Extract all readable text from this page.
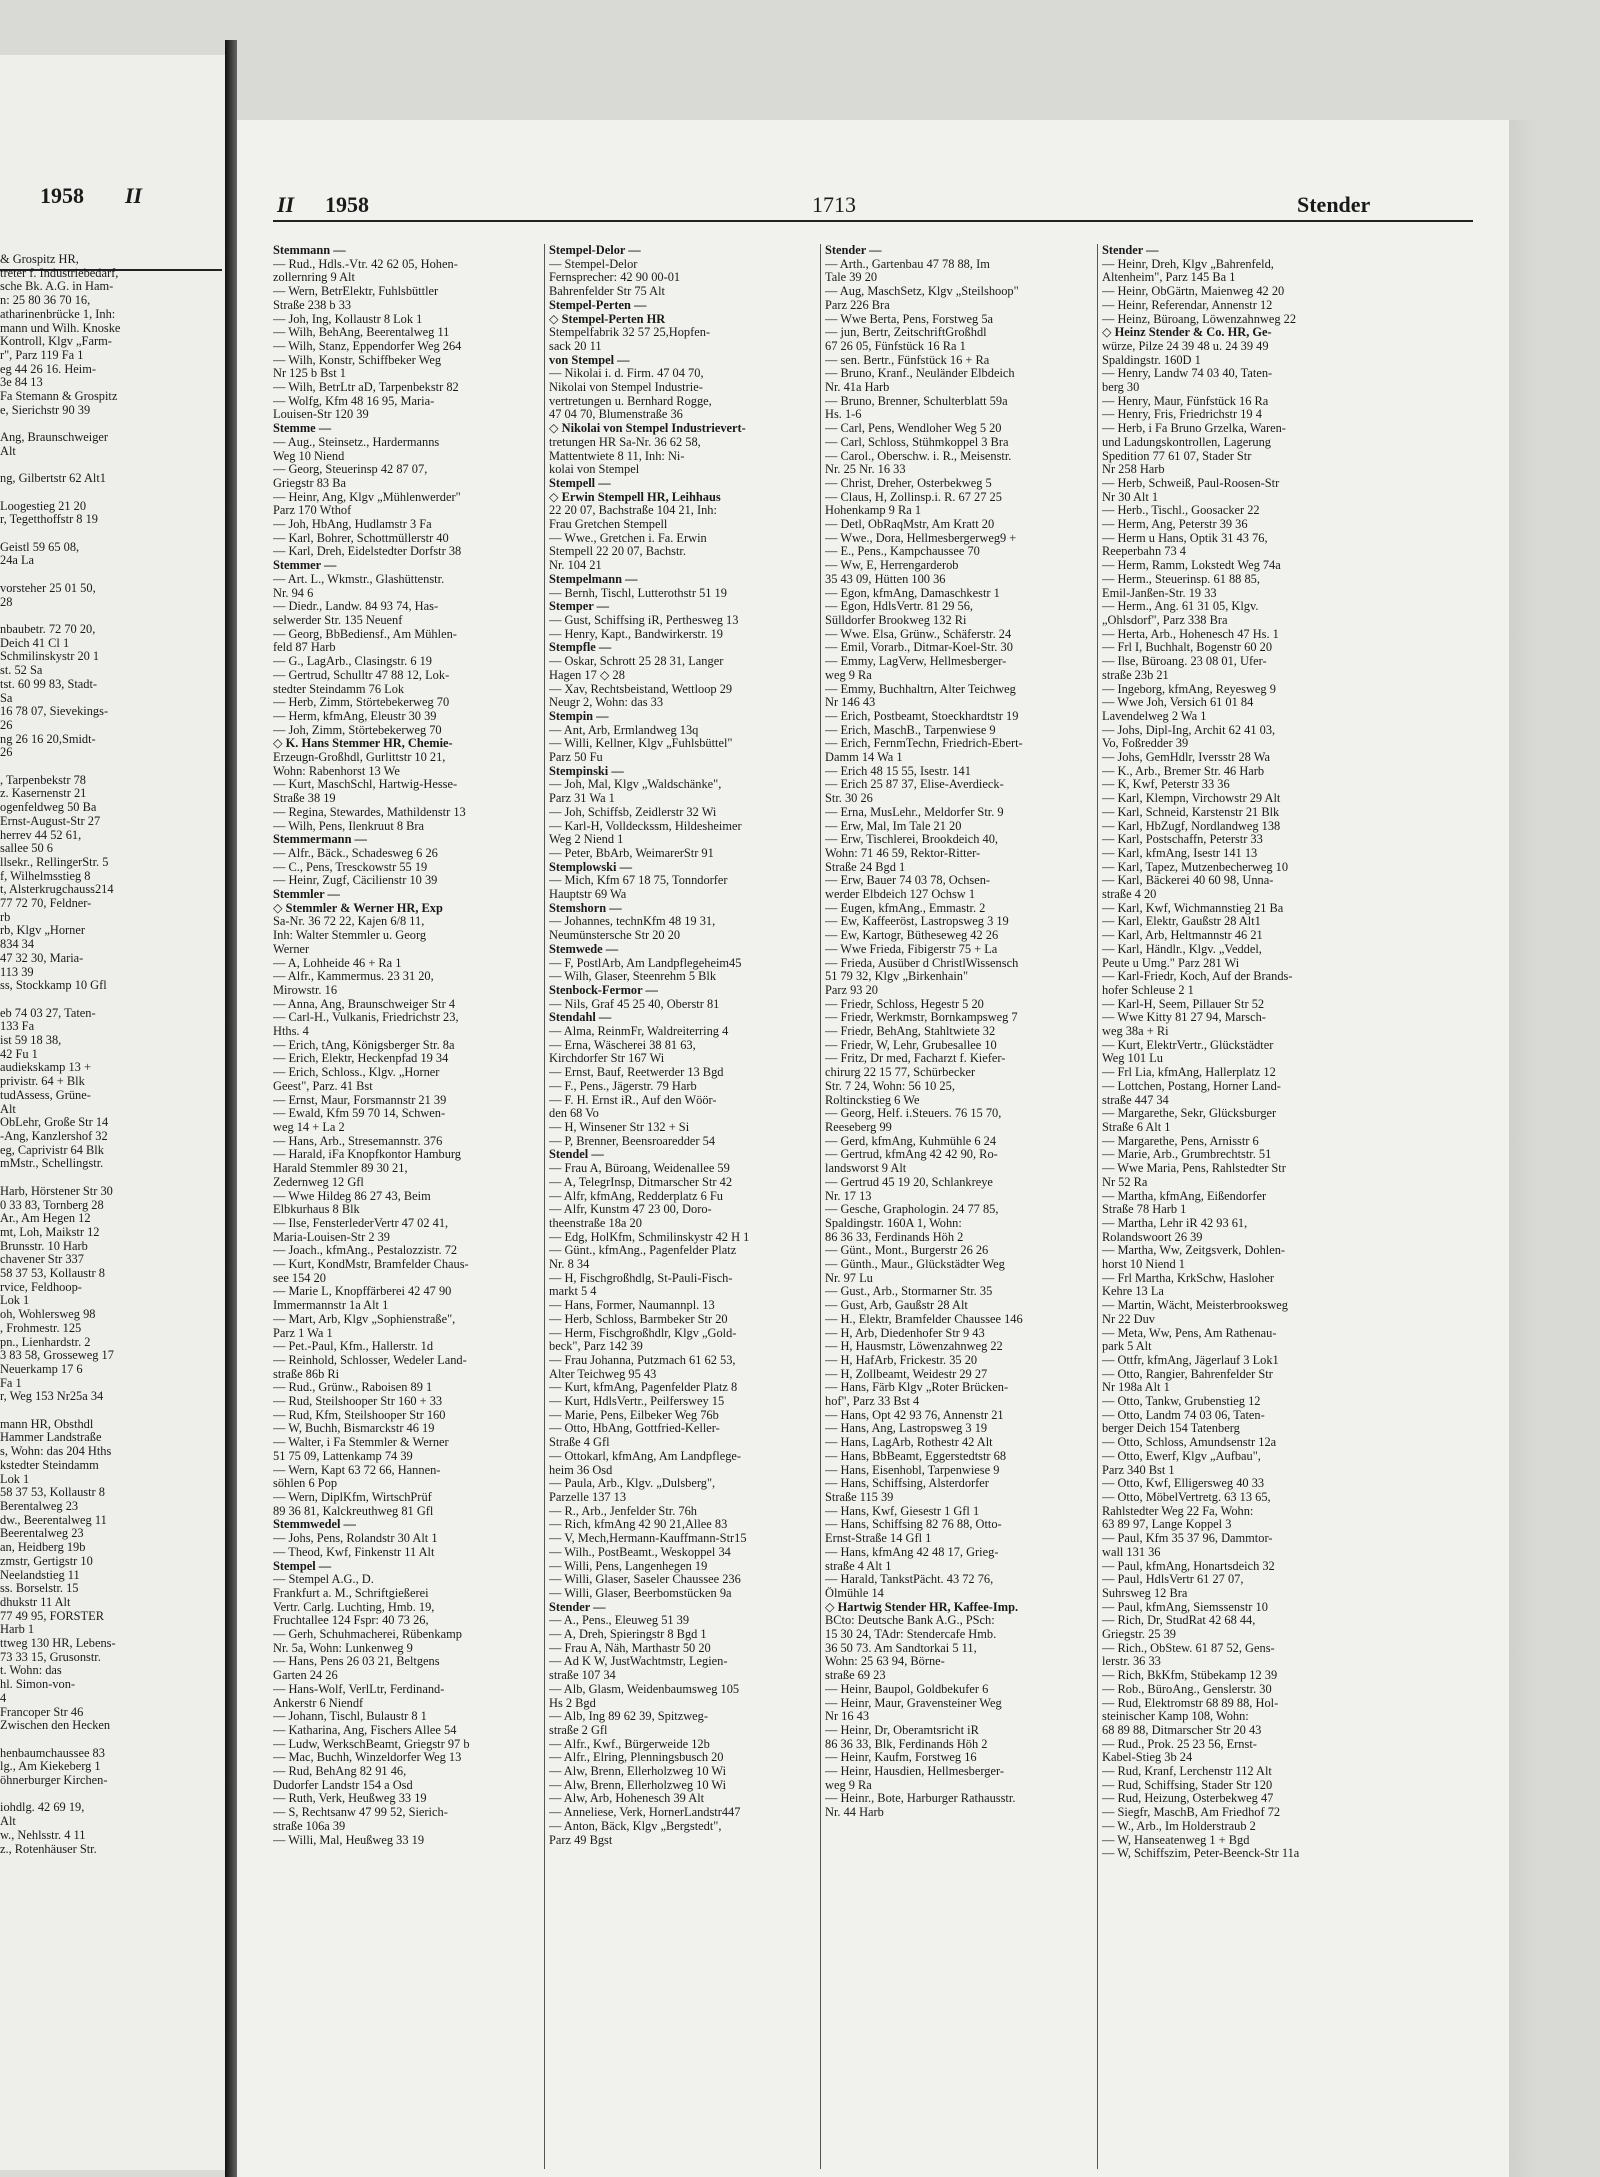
1958 II

& Grospitz HR,

treter f. Industriebedarf,

sche Bk. A.G. in Ham-

n: 25 80 36 70 16,

atharinenbrücke 1, Inh:

mann und Wilh. Knoske

Kontroll, Klgv „Farm-

r", Parz 119 Fa 1

eg 44 26 16. Heim-

3e 84 13

Fa Stemann & Grospitz

e, Sierichstr 90 39

Ang, Braunschweiger

Alt

ng, Gilbertstr 62 Alt1

Loogestieg 21 20

r, Tegetthoffstr 8 19

Geistl 59 65 08,

24a La

vorsteher 25 01 50,

28

nbaubetr. 72 70 20,

Deich 41 Cl 1

Schmilinskystr 20 1

st. 52 Sa

tst. 60 99 83, Stadt-

Sa

16 78 07, Sievekings-

26

ng 26 16 20,Smidt-

26

, Tarpenbekstr 78

z. Kasernenstr 21

ogenfeldweg 50 Ba

Ernst-August-Str 27

herrev 44 52 61,

sallee 50 6

llsekr., RellingerStr. 5

f, Wilhelmsstieg 8

t, Alsterkrugchauss214

77 72 70, Feldner-

rb

rb, Klgv „Horner

834 34

47 32 30, Maria-

113 39

ss, Stockkamp 10 Gfl

eb 74 03 27, Taten-

133 Fa

ist 59 18 38,

42 Fu 1

audiekskamp 13 +

privistr. 64 + Blk

tudAssess, Grüne-

Alt

ObLehr, Große Str 14

-Ang, Kanzlershof 32

eg, Caprivistr 64 Blk

mMstr., Schellingstr.

Harb, Hörstener Str 30

0 33 83, Tornberg 28

Ar., Am Hegen 12

mt, Loh, Maikstr 12

Brunsstr. 10 Harb

chavener Str 337

58 37 53, Kollaustr 8

rvice, Feldhoop-

Lok 1

oh, Wohlersweg 98

, Frohmestr. 125

pn., Lienhardstr. 2

3 83 58, Grosseweg 17

Neuerkamp 17 6

Fa 1

r, Weg 153 Nr25a 34

mann HR, Obsthdl

Hammer Landstraße

s, Wohn: das 204 Hths

kstedter Steindamm

Lok 1

58 37 53, Kollaustr 8

Berentalweg 23

dw., Beerentalweg 11

Beerentalweg 23

an, Heidberg 19b

zmstr, Gertigstr 10

Neelandstieg 11

ss. Borselstr. 15

dhukstr 11 Alt

77 49 95, FORSTER

Harb 1

ttweg 130 HR, Lebens-

73 33 15, Grusonstr.

t. Wohn: das

hl. Simon-von-

4

Francoper Str 46

Zwischen den Hecken

henbaumchaussee 83

lg., Am Kiekeberg 1

öhnerburger Kirchen-

iohdlg. 42 69 19,

Alt

w., Nehlsstr. 4 11

z., Rotenhäuser Str.

II 1958	1713	Stender

Stemmann —

— Rud., Hdls.-Vtr. 42 62 05, Hohen-

zollernring 9 Alt

— Wern, BetrElektr, Fuhlsbüttler

Straße 238 b 33

— Joh, Ing, Kollaustr 8 Lok 1

— Wilh, BehAng, Beerentalweg 11

— Wilh, Stanz, Eppendorfer Weg 264

— Wilh, Konstr, Schiffbeker Weg

Nr 125 b Bst 1

— Wilh, BetrLtr aD, Tarpenbekstr 82

— Wolfg, Kfm 48 16 95, Maria-

Louisen-Str 120 39

Stemme —

— Aug., Steinsetz., Hardermanns

Weg 10 Niend

— Georg, Steuerinsp 42 87 07,

Griegstr 83 Ba

— Heinr, Ang, Klgv „Mühlenwerder"

Parz 170 Wthof

— Joh, HbAng, Hudlamstr 3 Fa

— Karl, Bohrer, Schottmüllerstr 40

— Karl, Dreh, Eidelstedter Dorfstr 38

Stemmer —

— Art. L., Wkmstr., Glashüttenstr.

Nr. 94 6

— Diedr., Landw. 84 93 74, Has-

selwerder Str. 135 Neuenf

— Georg, BbBediensf., Am Mühlen-

feld 87 Harb

— G., LagArb., Clasingstr. 6 19

— Gertrud, Schulltr 47 88 12, Lok-

stedter Steindamm 76 Lok

— Herb, Zimm, Störtebekerweg 70

— Herm, kfmAng, Eleustr 30 39

— Joh, Zimm, Störtebekerweg 70

◇ K. Hans Stemmer HR, Chemie-

Erzeugn-Großhdl, Gurlittstr 10 21,

Wohn: Rabenhorst 13 We

— Kurt, MaschSchl, Hartwig-Hesse-

Straße 38 19

— Regina, Stewardes, Mathildenstr 13

— Wilh, Pens, Ilenkruut 8 Bra

Stemmermann —

— Alfr., Bäck., Schadesweg 6 26

— C., Pens, Tresckowstr 55 19

— Heinr, Zugf, Cäcilienstr 10 39

Stemmler —

◇ Stemmler & Werner HR, Exp

Sa-Nr. 36 72 22, Kajen 6/8 11,

Inh: Walter Stemmler u. Georg

Werner

— A, Lohheide 46 + Ra 1

— Alfr., Kammermus. 23 31 20,

Mirowstr. 16

— Anna, Ang, Braunschweiger Str 4

— Carl-H., Vulkanis, Friedrichstr 23,

Hths. 4

— Erich, tAng, Königsberger Str. 8a

— Erich, Elektr, Heckenpfad 19 34

— Erich, Schloss., Klgv. „Horner

Geest", Parz. 41 Bst

— Ernst, Maur, Forsmannstr 21 39

— Ewald, Kfm 59 70 14, Schwen-

weg 14 + La 2

— Hans, Arb., Stresemannstr. 376

— Harald, iFa Knopfkontor Hamburg

Harald Stemmler 89 30 21,

Zedernweg 12 Gfl

— Wwe Hildeg 86 27 43, Beim

Elbkurhaus 8 Blk

— Ilse, FensterlederVertr 47 02 41,

Maria-Louisen-Str 2 39

— Joach., kfmAng., Pestalozzistr. 72

— Kurt, KondMstr, Bramfelder Chaus-

see 154 20

— Marie L, Knopffärberei 42 47 90

Immermannstr 1a Alt 1

— Mart, Arb, Klgv „Sophienstraße",

Parz 1 Wa 1

— Pet.-Paul, Kfm., Hallerstr. 1d

— Reinhold, Schlosser, Wedeler Land-

straße 86b Ri

— Rud., Grünw., Raboisen 89 1

— Rud, Steilshooper Str 160 + 33

— Rud, Kfm, Steilshooper Str 160

— W, Buchh, Bismarckstr 46 19

— Walter, i Fa Stemmler & Werner

51 75 09, Lattenkamp 74 39

— Wern, Kapt 63 72 66, Hannen-

söhlen 6 Pop

— Wern, DiplKfm, WirtschPrüf

89 36 81, Kalckreuthweg 81 Gfl

Stemmwedel —

— Johs, Pens, Rolandstr 30 Alt 1

— Theod, Kwf, Finkenstr 11 Alt

Stempel —

— Stempel A.G., D.

Frankfurt a. M., Schriftgießerei

Vertr. Carlg. Luchting, Hmb. 19,

Fruchtallee 124 Fspr: 40 73 26,

— Gerh, Schuhmacherei, Rübenkamp

Nr. 5a, Wohn: Lunkenweg 9

— Hans, Pens 26 03 21, Beltgens

Garten 24 26

— Hans-Wolf, VerlLtr, Ferdinand-

Ankerstr 6 Niendf

— Johann, Tischl, Bulaustr 8 1

— Katharina, Ang, Fischers Allee 54

— Ludw, WerkschBeamt, Griegstr 97 b

— Mac, Buchh, Winzeldorfer Weg 13

— Rud, BehAng 82 91 46,

Dudorfer Landstr 154 a Osd

— Ruth, Verk, Heußweg 33 19

— S, Rechtsanw 47 99 52, Sierich-

straße 106a 39

— Willi, Mal, Heußweg 33 19

Stempel-Delor —

— Stempel-Delor

Fernsprecher: 42 90 00-01

Bahrenfelder Str 75 Alt

Stempel-Perten —

◇ Stempel-Perten HR

Stempelfabrik 32 57 25,Hopfen-

sack 20 11

von Stempel —

— Nikolai i. d. Firm. 47 04 70,

Nikolai von Stempel Industrie-

vertretungen u. Bernhard Rogge,

47 04 70, Blumenstraße 36

◇ Nikolai von Stempel Industrievert-

tretungen HR Sa-Nr. 36 62 58,

Mattentwiete 8 11, Inh: Ni-

kolai von Stempel

Stempell —

◇ Erwin Stempell HR, Leihhaus

22 20 07, Bachstraße 104 21, Inh:

Frau Gretchen Stempell

— Wwe., Gretchen i. Fa. Erwin

Stempell 22 20 07, Bachstr.

Nr. 104 21

Stempelmann —

— Bernh, Tischl, Lutterothstr 51 19

Stemper —

— Gust, Schiffsing iR, Perthesweg 13

— Henry, Kapt., Bandwirkerstr. 19

Stempfle —

— Oskar, Schrott 25 28 31, Langer

Hagen 17 ◇ 28

— Xav, Rechtsbeistand, Wettloop 29

Neugr 2, Wohn: das 33

Stempin —

— Ant, Arb, Ermlandweg 13q

— Willi, Kellner, Klgv „Fuhlsbüttel"

Parz 50 Fu

Stempinski —

— Joh, Mal, Klgv „Waldschänke",

Parz 31 Wa 1

— Joh, Schiffsb, Zeidlerstr 32 Wi

— Karl-H, Volldeckssm, Hildesheimer

Weg 2 Niend 1

— Peter, BbArb, WeimarerStr 91

Stemplowski —

— Mich, Kfm 67 18 75, Tonndorfer

Hauptstr 69 Wa

Stemshorn —

— Johannes, technKfm 48 19 31,

Neumünstersche Str 20 20

Stemwede —

— F, PostlArb, Am Landpflegeheim45

— Wilh, Glaser, Steenrehm 5 Blk

Stenbock-Fermor —

— Nils, Graf 45 25 40, Oberstr 81

Stendahl —

— Alma, ReinmFr, Waldreiterring 4

— Erna, Wäscherei 38 81 63,

Kirchdorfer Str 167 Wi

— Ernst, Bauf, Reetwerder 13 Bgd

— F., Pens., Jägerstr. 79 Harb

— F. H. Ernst iR., Auf den Wöör-

den 68 Vo

— H, Winsener Str 132 + Si

— P, Brenner, Beensroaredder 54

Stendel —

— Frau A, Büroang, Weidenallee 59

— A, TelegrInsp, Ditmarscher Str 42

— Alfr, kfmAng, Redderplatz 6 Fu

— Alfr, Kunstm 47 23 00, Doro-

theenstraße 18a 20

— Edg, HolKfm, Schmilinskystr 42 H 1

— Günt., kfmAng., Pagenfelder Platz

Nr. 8 34

— H, Fischgroßhdlg, St-Pauli-Fisch-

markt 5 4

— Hans, Former, Naumannpl. 13

— Herb, Schloss, Barmbeker Str 20

— Herm, Fischgroßhdlr, Klgv „Gold-

beck", Parz 142 39

— Frau Johanna, Putzmach 61 62 53,

Alter Teichweg 95 43

— Kurt, kfmAng, Pagenfelder Platz 8

— Kurt, HdlsVertr., Peilferswey 15

— Marie, Pens, Eilbeker Weg 76b

— Otto, HbAng, Gottfried-Keller-

Straße 4 Gfl

— Ottokarl, kfmAng, Am Landpflege-

heim 36 Osd

— Paula, Arb., Klgv. „Dulsberg",

Parzelle 137 13

— R., Arb., Jenfelder Str. 76h

— Rich, kfmAng 42 90 21,Allee 83

— V, Mech,Hermann-Kauffmann-Str15

— Wilh., PostBeamt., Weskoppel 34

— Willi, Pens, Langenhegen 19

— Willi, Glaser, Saseler Chaussee 236

— Willi, Glaser, Beerbomstücken 9a

Stender —

— A., Pens., Eleuweg 51 39

— A, Dreh, Spieringstr 8 Bgd 1

— Frau A, Näh, Marthastr 50 20

— Ad K W, JustWachtmstr, Legien-

straße 107 34

— Alb, Glasm, Weidenbaumsweg 105

Hs 2 Bgd

— Alb, Ing 89 62 39, Spitzweg-

straße 2 Gfl

— Alfr., Kwf., Bürgerweide 12b

— Alfr., Elring, Plenningsbusch 20

— Alw, Brenn, Ellerholzweg 10 Wi

— Alw, Brenn, Ellerholzweg 10 Wi

— Alw, Arb, Hohenesch 39 Alt

— Anneliese, Verk, HornerLandstr447

— Anton, Bäck, Klgv „Bergstedt",

Parz 49 Bgst

Stender —

— Arth., Gartenbau 47 78 88, Im

Tale 39 20

— Aug, MaschSetz, Klgv „Steilshoop"

Parz 226 Bra

— Wwe Berta, Pens, Forstweg 5a

— jun, Bertr, ZeitschriftGroßhdl

67 26 05, Fünfstück 16 Ra 1

— sen. Bertr., Fünfstück 16 + Ra

— Bruno, Kranf., Neuländer Elbdeich

Nr. 41a Harb

— Bruno, Brenner, Schulterblatt 59a

Hs. 1-6

— Carl, Pens, Wendloher Weg 5 20

— Carl, Schloss, Stühmkoppel 3 Bra

— Carol., Oberschw. i. R., Meisenstr.

Nr. 25 Nr. 16 33

— Christ, Dreher, Osterbekweg 5

— Claus, H, Zollinsp.i. R. 67 27 25

Hohenkamp 9 Ra 1

— Detl, ObRaqMstr, Am Kratt 20

— Wwe., Dora, Hellmesbergerweg9 +

— E., Pens., Kampchaussee 70

— Ww, E, Herrengarderob

35 43 09, Hütten 100 36

— Egon, kfmAng, Damaschkestr 1

— Egon, HdlsVertr. 81 29 56,

Sülldorfer Brookweg 132 Ri

— Wwe. Elsa, Grünw., Schäferstr. 24

— Emil, Vorarb., Ditmar-Koel-Str. 30

— Emmy, LagVerw, Hellmesberger-

weg 9 Ra

— Emmy, Buchhaltrn, Alter Teichweg

Nr 146 43

— Erich, Postbeamt, Stoeckhardtstr 19

— Erich, MaschB., Tarpenwiese 9

— Erich, FernmTechn, Friedrich-Ebert-

Damm 14 Wa 1

— Erich 48 15 55, Isestr. 141

— Erich 25 87 37, Elise-Averdieck-

Str. 30 26

— Erna, MusLehr., Meldorfer Str. 9

— Erw, Mal, Im Tale 21 20

— Erw, Tischlerei, Brookdeich 40,

Wohn: 71 46 59, Rektor-Ritter-

Straße 24 Bgd 1

— Erw, Bauer 74 03 78, Ochsen-

werder Elbdeich 127 Ochsw 1

— Eugen, kfmAng., Emmastr. 2

— Ew, Kaffeeröst, Lastropsweg 3 19

— Ew, Kartogr, Bütheseweg 42 26

— Wwe Frieda, Fibigerstr 75 + La

— Frieda, Ausüber d ChristlWissensch

51 79 32, Klgv „Birkenhain"

Parz 93 20

— Friedr, Schloss, Hegestr 5 20

— Friedr, Werkmstr, Bornkampsweg 7

— Friedr, BehAng, Stahltwiete 32

— Friedr, W, Lehr, Grubesallee 10

— Fritz, Dr med, Facharzt f. Kiefer-

chirurg 22 15 77, Schürbecker

Str. 7 24, Wohn: 56 10 25,

Roltinckstieg 6 We

— Georg, Helf. i.Steuers. 76 15 70,

Reeseberg 99

— Gerd, kfmAng, Kuhmühle 6 24

— Gertrud, kfmAng 42 42 90, Ro-

landsworst 9 Alt

— Gertrud 45 19 20, Schlankreye

Nr. 17 13

— Gesche, Graphologin. 24 77 85,

Spaldingstr. 160A 1, Wohn:

86 36 33, Ferdinands Höh 2

— Günt., Mont., Burgerstr 26 26

— Günth., Maur., Glückstädter Weg

Nr. 97 Lu

— Gust., Arb., Stormarner Str. 35

— Gust, Arb, Gaußstr 28 Alt

— H., Elektr, Bramfelder Chaussee 146

— H, Arb, Diedenhofer Str 9 43

— H, Hausmstr, Löwenzahnweg 22

— H, HafArb, Frickestr. 35 20

— H, Zollbeamt, Weidestr 29 27

— Hans, Färb Klgv „Roter Brücken-

hof", Parz 33 Bst 4

— Hans, Opt 42 93 76, Annenstr 21

— Hans, Ang, Lastropsweg 3 19

— Hans, LagArb, Rothestr 42 Alt

— Hans, BbBeamt, Eggerstedtstr 68

— Hans, Eisenhobl, Tarpenwiese 9

— Hans, Schiffsing, Alsterdorfer

Straße 115 39

— Hans, Kwf, Giesestr 1 Gfl 1

— Hans, Schiffsing 82 76 88, Otto-

Ernst-Straße 14 Gfl 1

— Hans, kfmAng 42 48 17, Grieg-

straße 4 Alt 1

— Harald, TankstPächt. 43 72 76,

Ölmühle 14

◇ Hartwig Stender HR, Kaffee-Imp.

BCto: Deutsche Bank A.G., PSch:

15 30 24, TAdr: Stendercafe Hmb.

36 50 73. Am Sandtorkai 5 11,

Wohn: 25 63 94, Börne-

straße 69 23

— Heinr, Baupol, Goldbekufer 6

— Heinr, Maur, Gravensteiner Weg

Nr 16 43

— Heinr, Dr, Oberamtsricht iR

86 36 33, Blk, Ferdinands Höh 2

— Heinr, Kaufm, Forstweg 16

— Heinr, Hausdien, Hellmesberger-

weg 9 Ra

— Heinr., Bote, Harburger Rathausstr.

Nr. 44 Harb

Stender —

— Heinr, Dreh, Klgv „Bahrenfeld,

Altenheim", Parz 145 Ba 1

— Heinr, ObGärtn, Maienweg 42 20

— Heinr, Referendar, Annenstr 12

— Heinz, Büroang, Löwenzahnweg 22

◇ Heinz Stender & Co. HR, Ge-

würze, Pilze 24 39 48 u. 24 39 49

Spaldingstr. 160D 1

— Henry, Landw 74 03 40, Taten-

berg 30

— Henry, Maur, Fünfstück 16 Ra

— Henry, Fris, Friedrichstr 19 4

— Herb, i Fa Bruno Grzelka, Waren-

und Ladungskontrollen, Lagerung

Spedition 77 61 07, Stader Str

Nr 258 Harb

— Herb, Schweiß, Paul-Roosen-Str

Nr 30 Alt 1

— Herb., Tischl., Goosacker 22

— Herm, Ang, Peterstr 39 36

— Herm u Hans, Optik 31 43 76,

Reeperbahn 73 4

— Herm, Ramm, Lokstedt Weg 74a

— Herm., Steuerinsp. 61 88 85,

Emil-Janßen-Str. 19 33

— Herm., Ang. 61 31 05, Klgv.

„Ohlsdorf", Parz 338 Bra

— Herta, Arb., Hohenesch 47 Hs. 1

— Frl I, Buchhalt, Bogenstr 60 20

— Ilse, Büroang. 23 08 01, Ufer-

straße 23b 21

— Ingeborg, kfmAng, Reyesweg 9

— Wwe Joh, Versich 61 01 84

Lavendelweg 2 Wa 1

— Johs, Dipl-Ing, Archit 62 41 03,

Vo, Foßredder 39

— Johs, GemHdlr, Iversstr 28 Wa

— K., Arb., Bremer Str. 46 Harb

— K, Kwf, Peterstr 33 36

— Karl, Klempn, Virchowstr 29 Alt

— Karl, Schneid, Karstenstr 21 Blk

— Karl, HbZugf, Nordlandweg 138

— Karl, Postschaffn, Peterstr 33

— Karl, kfmAng, Isestr 141 13

— Karl, Tapez, Mutzenbecherweg 10

— Karl, Bäckerei 40 60 98, Unna-

straße 4 20

— Karl, Kwf, Wichmannstieg 21 Ba

— Karl, Elektr, Gaußstr 28 Alt1

— Karl, Arb, Heltmannstr 46 21

— Karl, Händlr., Klgv. „Veddel,

Peute u Umg." Parz 281 Wi

— Karl-Friedr, Koch, Auf der Brands-

hofer Schleuse 2 1

— Karl-H, Seem, Pillauer Str 52

— Wwe Kitty 81 27 94, Marsch-

weg 38a + Ri

— Kurt, ElektrVertr., Glückstädter

Weg 101 Lu

— Frl Lia, kfmAng, Hallerplatz 12

— Lottchen, Postang, Horner Land-

straße 447 34

— Margarethe, Sekr, Glücksburger

Straße 6 Alt 1

— Margarethe, Pens, Arnisstr 6

— Marie, Arb., Grumbrechtstr. 51

— Wwe Maria, Pens, Rahlstedter Str

Nr 52 Ra

— Martha, kfmAng, Eißendorfer

Straße 78 Harb 1

— Martha, Lehr iR 42 93 61,

Rolandswoort 26 39

— Martha, Ww, Zeitgsverk, Dohlen-

horst 10 Niend 1

— Frl Martha, KrkSchw, Hasloher

Kehre 13 La

— Martin, Wächt, Meisterbrooksweg

Nr 22 Duv

— Meta, Ww, Pens, Am Rathenau-

park 5 Alt

— Ottfr, kfmAng, Jägerlauf 3 Lok1

— Otto, Rangier, Bahrenfelder Str

Nr 198a Alt 1

— Otto, Tankw, Grubenstieg 12

— Otto, Landm 74 03 06, Taten-

berger Deich 154 Tatenberg

— Otto, Schloss, Amundsenstr 12a

— Otto, Ewerf, Klgv „Aufbau",

Parz 340 Bst 1

— Otto, Kwf, Elligersweg 40 33

— Otto, MöbelVertretg. 63 13 65,

Rahlstedter Weg 22 Fa, Wohn:

63 89 97, Lange Koppel 3

— Paul, Kfm 35 37 96, Dammtor-

wall 131 36

— Paul, kfmAng, Honartsdeich 32

— Paul, HdlsVertr 61 27 07,

Suhrsweg 12 Bra

— Paul, kfmAng, Siemssenstr 10

— Rich, Dr, StudRat 42 68 44,

Griegstr. 25 39

— Rich., ObStew. 61 87 52, Gens-

lerstr. 36 33

— Rich, BkKfm, Stübekamp 12 39

— Rob., BüroAng., Genslerstr. 30

— Rud, Elektromstr 68 89 88, Hol-

steinischer Kamp 108, Wohn:

68 89 88, Ditmarscher Str 20 43

— Rud., Prok. 25 23 56, Ernst-

Kabel-Stieg 3b 24

— Rud, Kranf, Lerchenstr 112 Alt

— Rud, Schiffsing, Stader Str 120

— Rud, Heizung, Osterbekweg 47

— Siegfr, MaschB, Am Friedhof 72

— W., Arb., Im Holderstraub 2

— W, Hanseatenweg 1 + Bgd

— W, Schiffszim, Peter-Beenck-Str 11a
